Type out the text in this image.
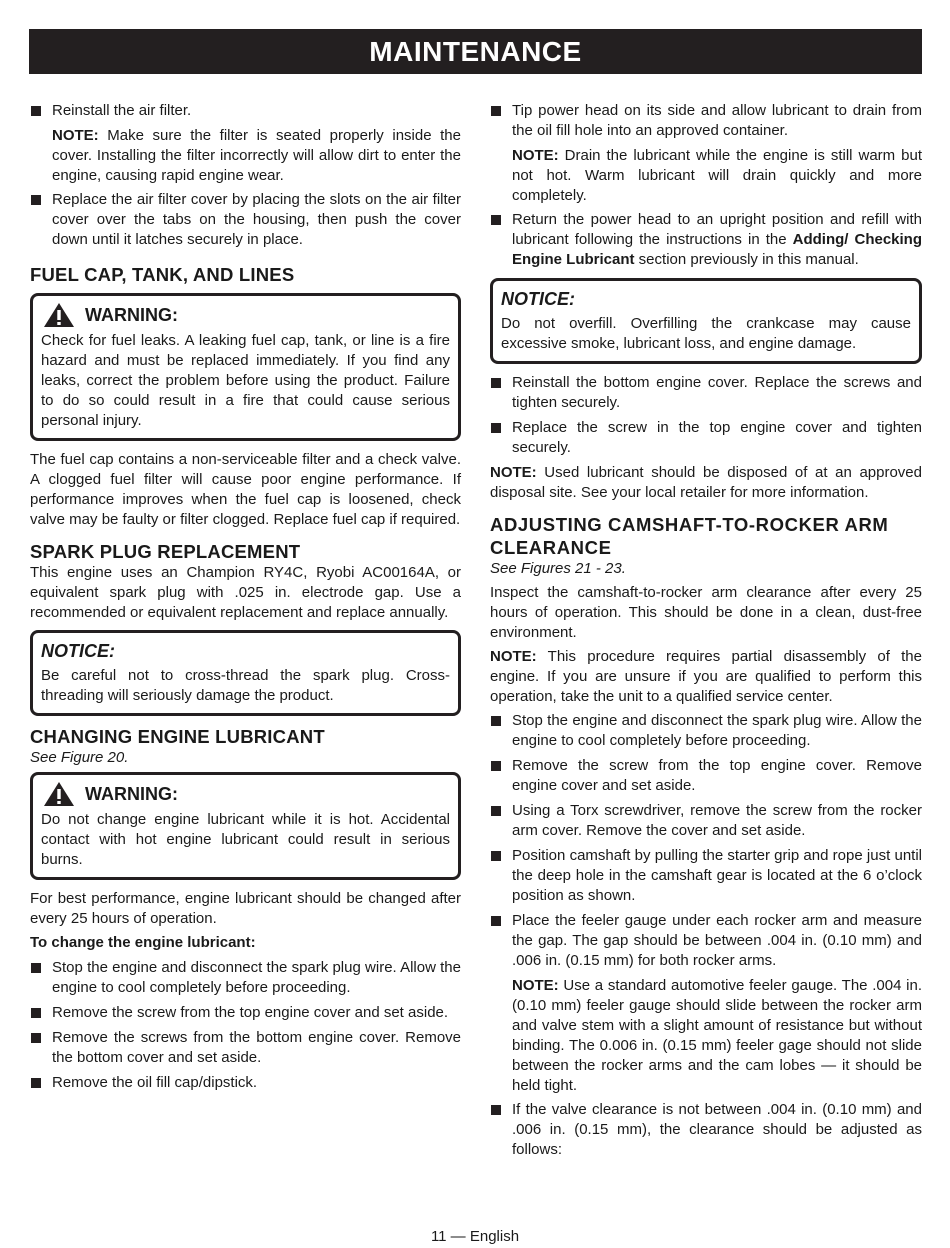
MAINTENANCE
Reinstall the air filter.
NOTE: Make sure the filter is seated properly inside the cover. Installing the filter incorrectly will allow dirt to enter the engine, causing rapid engine wear.
Replace the air filter cover by placing the slots on the air filter cover over the tabs on the housing, then push the cover down until it latches securely in place.
FUEL CAP, TANK, AND LINES
WARNING:

Check for fuel leaks. A leaking fuel cap, tank, or line is a fire hazard and must be replaced immediately. If you find any leaks, correct the problem before using the product. Failure to do so could result in a fire that could cause serious personal injury.

The fuel cap contains a non-serviceable filter and a check valve. A clogged fuel filter will cause poor engine performance. If performance improves when the fuel cap is loosened, check valve may be faulty or filter clogged. Replace fuel cap if required.

SPARK PLUG REPLACEMENT

This engine uses an Champion RY4C, Ryobi AC00164A, or equivalent spark plug with .025 in. electrode gap. Use a recommended or equivalent replacement and replace annually.

NOTICE:

Be careful not to cross-thread the spark plug. Cross-threading will seriously damage the product.

CHANGING ENGINE LUBRICANT
See Figure 20.
WARNING:

Do not change engine lubricant while it is hot. Accidental contact with hot engine lubricant could result in serious burns.

For best performance, engine lubricant should be changed after every 25 hours of operation.

To change the engine lubricant:
Stop the engine and disconnect the spark plug wire. Allow the engine to cool completely before proceeding.
Remove the screw from the top engine cover and set aside.
Remove the screws from the bottom engine cover. Remove the bottom cover and set aside.
Remove the oil fill cap/dipstick.
Tip power head on its side and allow lubricant to drain from the oil fill hole into an approved container.
NOTE: Drain the lubricant while the engine is still warm but not hot. Warm lubricant will drain quickly and more completely.
Return the power head to an upright position and refill with lubricant following the instructions in the Adding/ Checking Engine Lubricant section previously in this manual.
NOTICE:

Do not overfill. Overfilling the crankcase may cause excessive smoke, lubricant loss, and engine damage.

Reinstall the bottom engine cover. Replace the screws and tighten securely.
Replace the screw in the top engine cover and tighten securely.

NOTE: Used lubricant should be disposed of at an approved disposal site. See your local retailer for more information.

ADJUSTING CAMSHAFT-TO-ROCKER ARM CLEARANCE
See Figures 21 - 23.

Inspect the camshaft-to-rocker arm clearance after every 25 hours of operation. This should be done in a clean, dust-free environment.

NOTE: This procedure requires partial disassembly of the engine. If you are unsure if you are qualified to perform this operation, take the unit to a qualified service center.

Stop the engine and disconnect the spark plug wire. Allow the engine to cool completely before proceeding.
Remove the screw from the top engine cover. Remove engine cover and set aside.
Using a Torx screwdriver, remove the screw from the rocker arm cover. Remove the cover and set aside.
Position camshaft by pulling the starter grip and rope just until the deep hole in the camshaft gear is located at the 6 o’clock position as shown.
Place the feeler gauge under each rocker arm and measure the gap. The gap should be between .004 in. (0.10 mm) and .006 in. (0.15 mm) for both rocker arms.
NOTE: Use a standard automotive feeler gauge. The .004 in. (0.10 mm) feeler gauge should slide between the rocker arm and valve stem with a slight amount of resistance but without binding. The 0.006 in. (0.15 mm) feeler gage should not slide between the rocker arms and the cam lobes — it should be held tight.
If the valve clearance is not between .004 in. (0.10 mm) and .006 in. (0.15 mm), the clearance should be adjusted as follows:
11 — English
